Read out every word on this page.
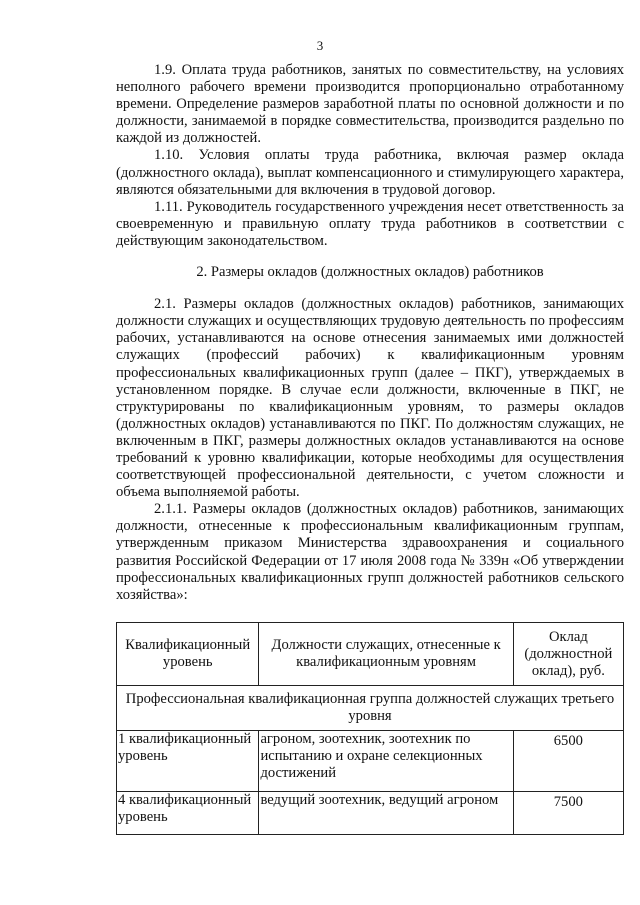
3

1.9. Оплата труда работников, занятых по совместительству, на условиях неполного рабочего времени производится пропорционально отработанному времени. Определение размеров заработной платы по основной должности и по должности, занимаемой в порядке совместительства, производится раздельно по каждой из должностей.

1.10. Условия оплаты труда работника, включая размер оклада (должностного оклада), выплат компенсационного и стимулирующего характера, являются обязательными для включения в трудовой договор.

1.11. Руководитель государственного учреждения несет ответственность за своевременную и правильную оплату труда работников в соответствии с действующим законодательством.

2. Размеры окладов (должностных окладов) работников

2.1. Размеры окладов (должностных окладов) работников, занимающих должности служащих и осуществляющих трудовую деятельность по профессиям рабочих, устанавливаются на основе отнесения занимаемых ими должностей служащих (профессий рабочих) к квалификационным уровням профессиональных квалификационных групп (далее – ПКГ), утверждаемых в установленном порядке. В случае если должности, включенные в ПКГ, не структурированы по квалификационным уровням, то размеры окладов (должностных окладов) устанавливаются по ПКГ. По должностям служащих, не включенным в ПКГ, размеры должностных окладов устанавливаются на основе требований к уровню квалификации, которые необходимы для осуществления соответствующей профессиональной деятельности, с учетом сложности и объема выполняемой работы.

2.1.1. Размеры окладов (должностных окладов) работников, занимающих должности, отнесенные к профессиональным квалификационным группам, утвержденным приказом Министерства здравоохранения и социального развития Российской Федерации от 17 июля 2008 года № 339н «Об утверждении профессиональных квалификационных групп должностей работников сельского хозяйства»:

Квалификационный уровень	Должности служащих, отнесенные к квалификационным уровням	Оклад (должностной оклад), руб.
Профессиональная квалификационная группа должностей служащих третьего уровня		
1 квалификационный уровень	агроном, зоотехник, зоотехник по испытанию и охране селекционных достижений	6500
4 квалификационный уровень	ведущий зоотехник, ведущий агроном	7500
